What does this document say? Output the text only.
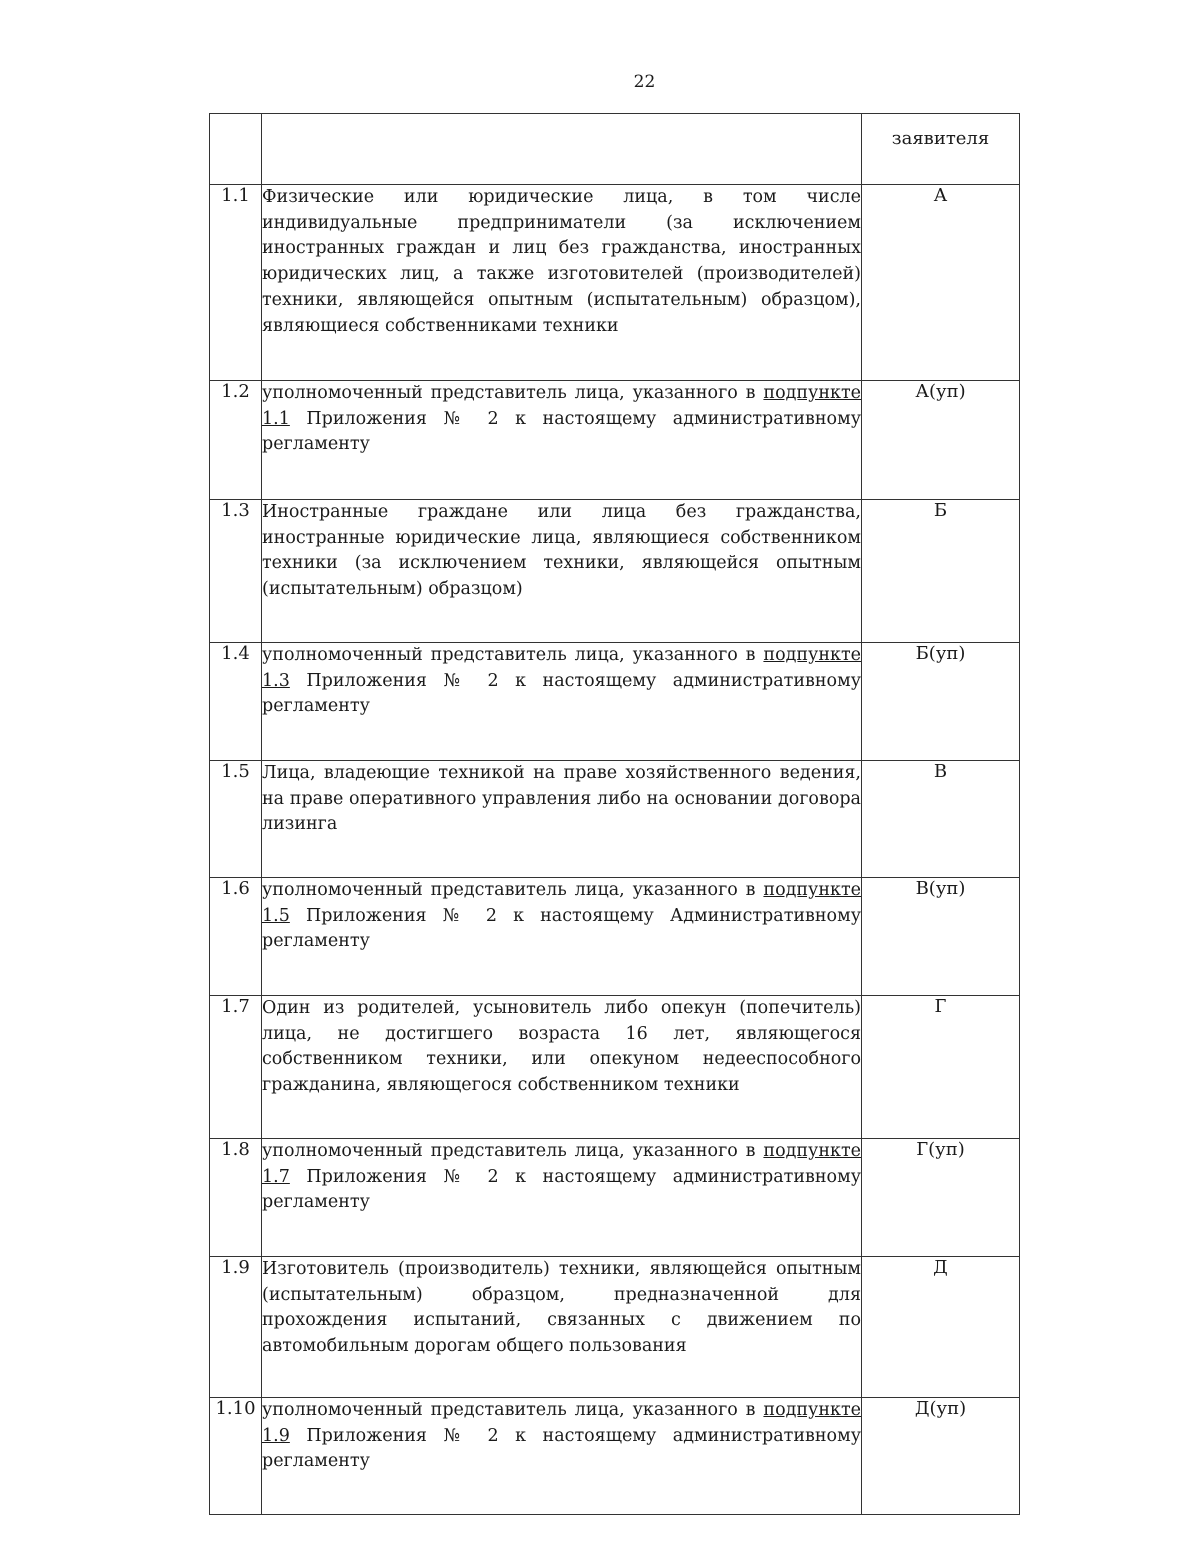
22
		заявителя
1.1	Физические или юридические лица, в том числе индивидуальные предприниматели (за исключением иностранных граждан и лиц без гражданства, иностранных юридических лиц, а также изготовителей (производителей) техники, являющейся опытным (испытательным) образцом), являющиеся собственниками техники	А
1.2	уполномоченный представитель лица, указанного в подпункте 1.1 Приложения № 2 к настоящему административному регламенту	А(уп)
1.3	Иностранные граждане или лица без гражданства, иностранные юридические лица, являющиеся собственником техники (за исключением техники, являющейся опытным (испытательным) образцом)	Б
1.4	уполномоченный представитель лица, указанного в подпункте 1.3 Приложения № 2 к настоящему административному регламенту	Б(уп)
1.5	Лица, владеющие техникой на праве хозяйственного ведения, на праве оперативного управления либо на основании договора лизинга	В
1.6	уполномоченный представитель лица, указанного в подпункте 1.5 Приложения № 2 к настоящему Административному регламенту	В(уп)
1.7	Один из родителей, усыновитель либо опекун (попечитель) лица, не достигшего возраста 16 лет, являющегося собственником техники, или опекуном недееспособного гражданина, являющегося собственником техники	Г
1.8	уполномоченный представитель лица, указанного в подпункте 1.7 Приложения № 2 к настоящему административному регламенту	Г(уп)
1.9	Изготовитель (производитель) техники, являющейся опытным (испытательным) образцом, предназначенной для прохождения испытаний, связанных с движением по автомобильным дорогам общего пользования	Д
1.10	уполномоченный представитель лица, указанного в подпункте 1.9 Приложения № 2 к настоящему административному регламенту	Д(уп)
